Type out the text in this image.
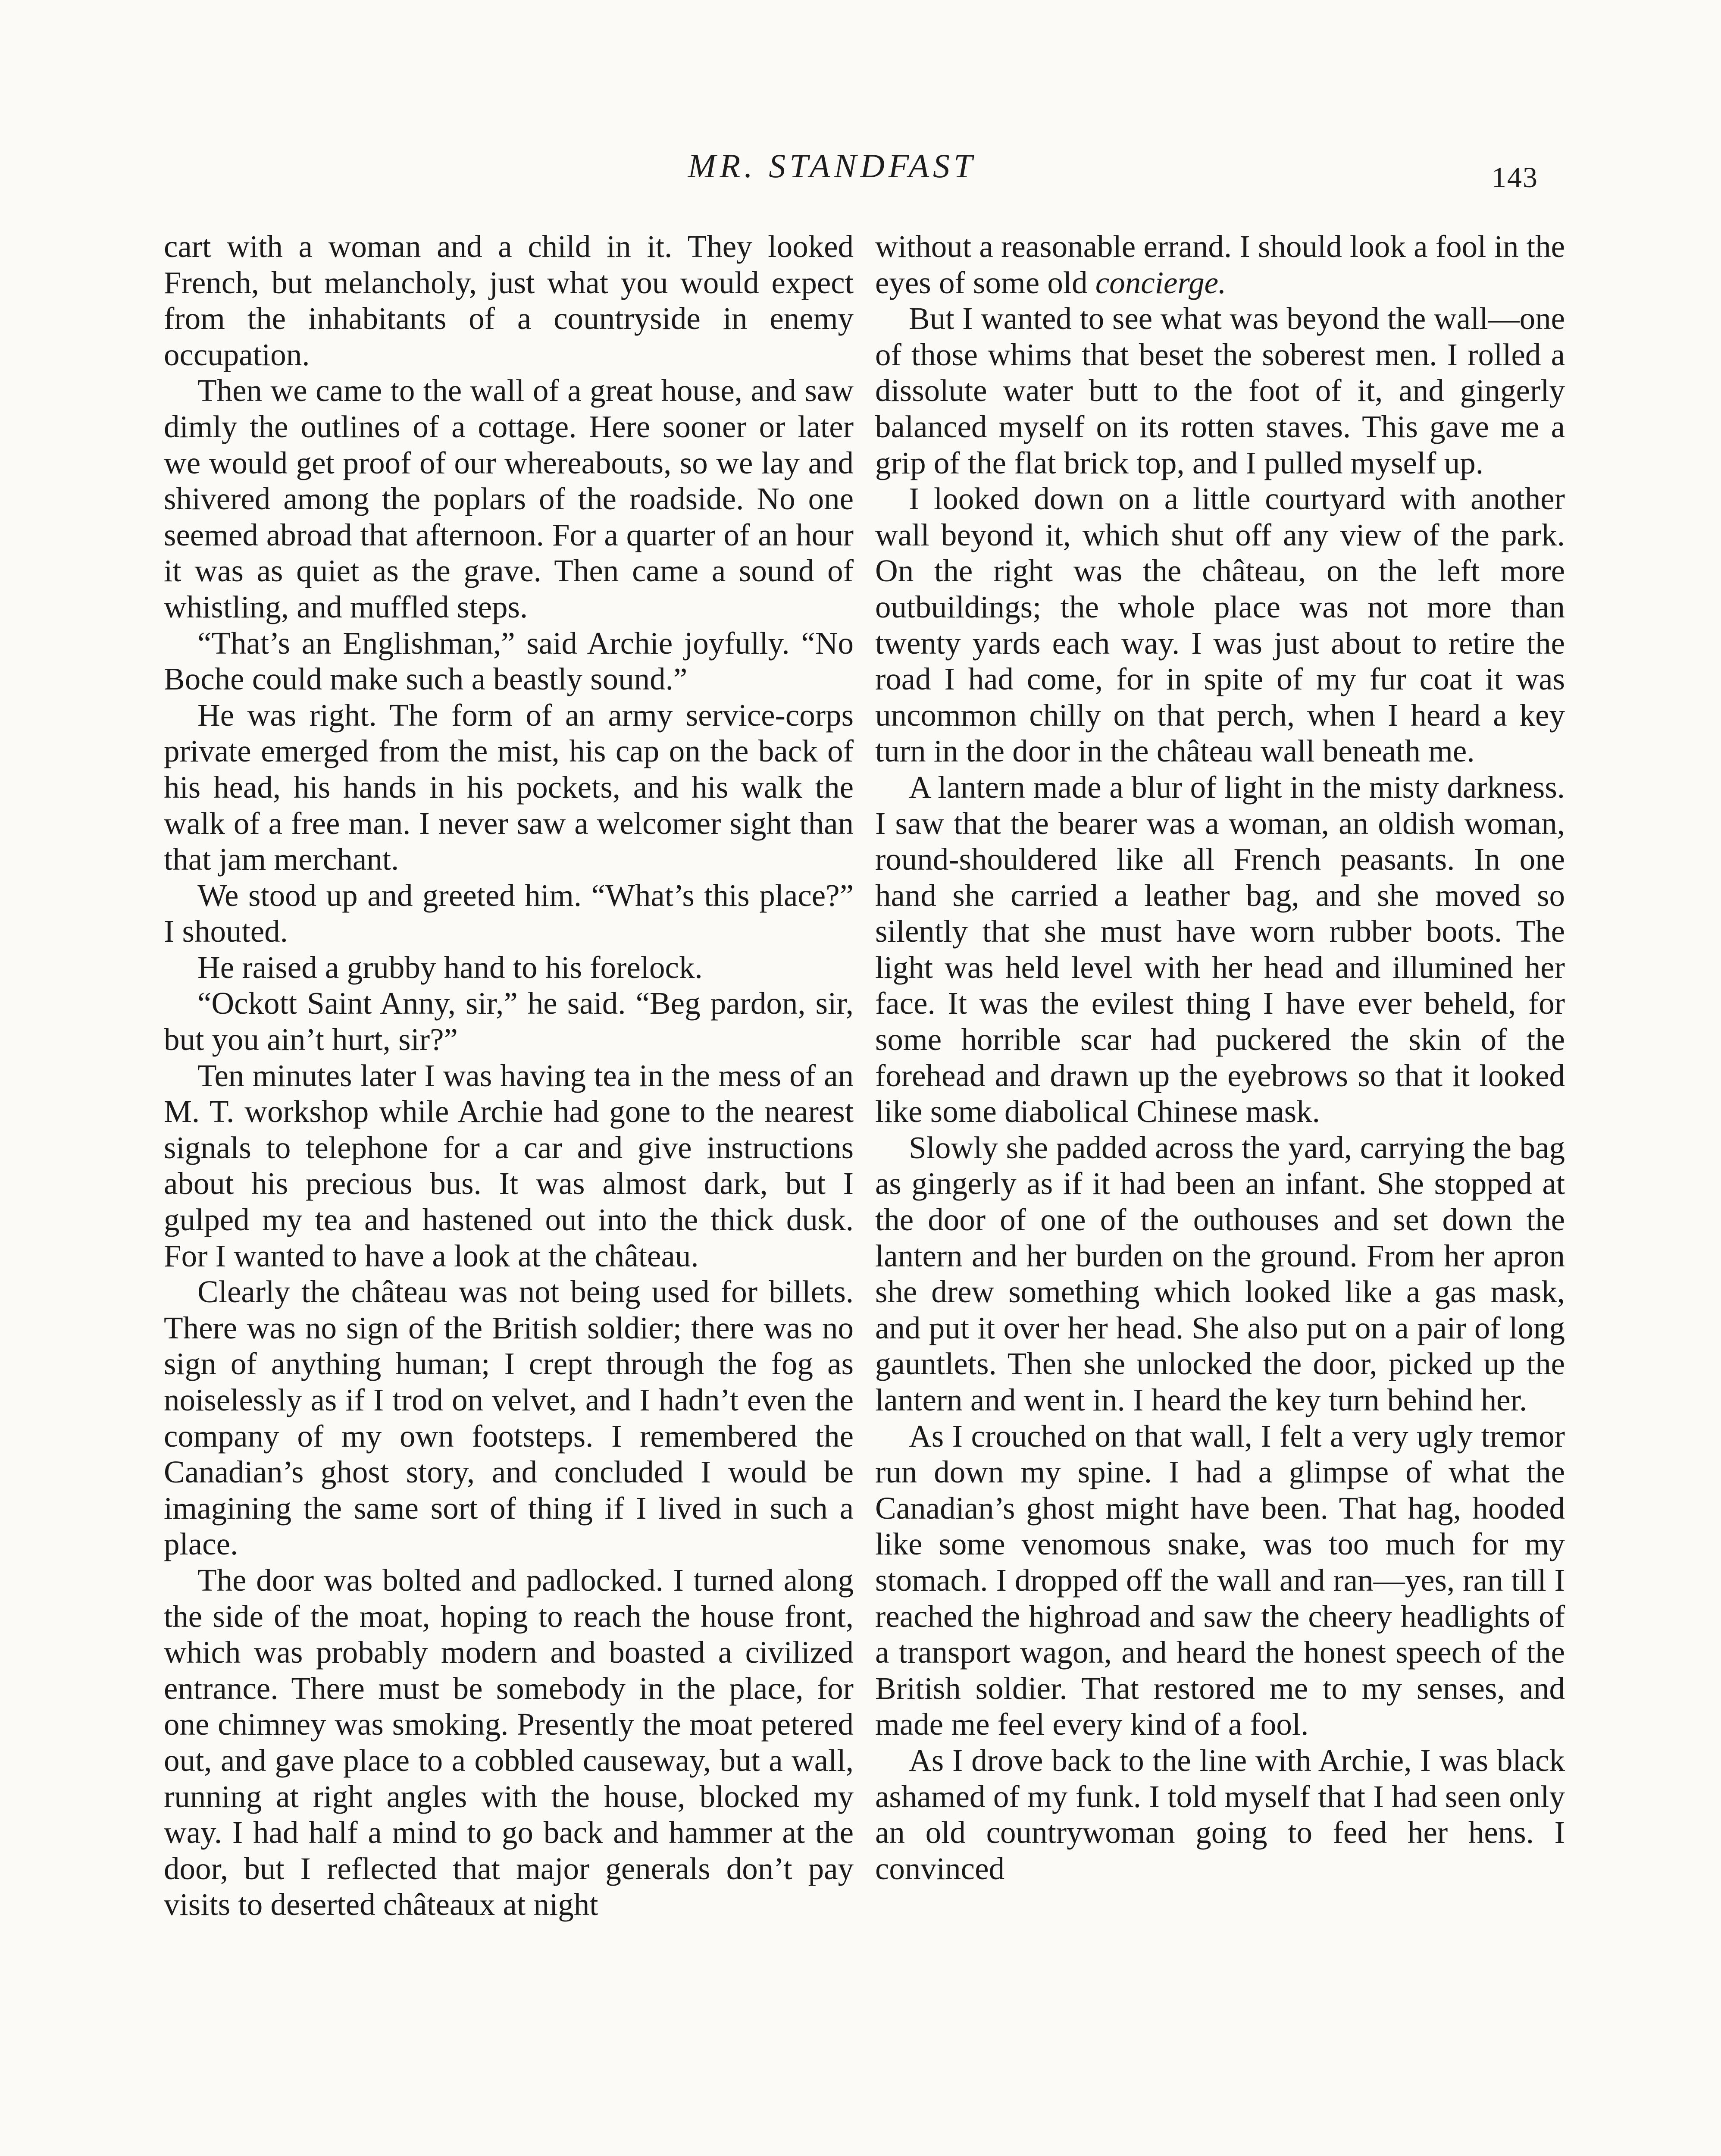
MR. STANDFAST	143

cart with a woman and a child in it. They looked French, but melancholy, just what you would expect from the inhabitants of a countryside in enemy occupation.

Then we came to the wall of a great house, and saw dimly the outlines of a cottage. Here sooner or later we would get proof of our whereabouts, so we lay and shivered among the poplars of the roadside. No one seemed abroad that afternoon. For a quarter of an hour it was as quiet as the grave. Then came a sound of whistling, and muffled steps.

“That’s an Englishman,” said Archie joyfully. “No Boche could make such a beastly sound.”

He was right. The form of an army service-corps private emerged from the mist, his cap on the back of his head, his hands in his pockets, and his walk the walk of a free man. I never saw a welcomer sight than that jam merchant.

We stood up and greeted him. “What’s this place?” I shouted.

He raised a grubby hand to his forelock.

“Ockott Saint Anny, sir,” he said. “Beg pardon, sir, but you ain’t hurt, sir?”

Ten minutes later I was having tea in the mess of an M. T. workshop while Archie had gone to the nearest signals to telephone for a car and give instructions about his precious bus. It was almost dark, but I gulped my tea and hastened out into the thick dusk. For I wanted to have a look at the château.

Clearly the château was not being used for billets. There was no sign of the British soldier; there was no sign of anything human; I crept through the fog as noiselessly as if I trod on velvet, and I hadn’t even the company of my own footsteps. I remembered the Canadian’s ghost story, and concluded I would be imagining the same sort of thing if I lived in such a place.

The door was bolted and padlocked. I turned along the side of the moat, hoping to reach the house front, which was probably modern and boasted a civilized entrance. There must be somebody in the place, for one chimney was smoking. Presently the moat petered out, and gave place to a cobbled causeway, but a wall, running at right angles with the house, blocked my way. I had half a mind to go back and hammer at the door, but I reflected that major generals don’t pay visits to deserted châteaux at night

without a reasonable errand. I should look a fool in the eyes of some old concierge.

But I wanted to see what was beyond the wall—one of those whims that beset the soberest men. I rolled a dissolute water butt to the foot of it, and gingerly balanced myself on its rotten staves. This gave me a grip of the flat brick top, and I pulled myself up.

I looked down on a little courtyard with another wall beyond it, which shut off any view of the park. On the right was the château, on the left more outbuildings; the whole place was not more than twenty yards each way. I was just about to retire the road I had come, for in spite of my fur coat it was uncommon chilly on that perch, when I heard a key turn in the door in the château wall beneath me.

A lantern made a blur of light in the misty darkness. I saw that the bearer was a woman, an oldish woman, round-shouldered like all French peasants. In one hand she carried a leather bag, and she moved so silently that she must have worn rubber boots. The light was held level with her head and illumined her face. It was the evilest thing I have ever beheld, for some horrible scar had puckered the skin of the forehead and drawn up the eyebrows so that it looked like some diabolical Chinese mask.

Slowly she padded across the yard, carrying the bag as gingerly as if it had been an infant. She stopped at the door of one of the outhouses and set down the lantern and her burden on the ground. From her apron she drew something which looked like a gas mask, and put it over her head. She also put on a pair of long gauntlets. Then she unlocked the door, picked up the lantern and went in. I heard the key turn behind her.

As I crouched on that wall, I felt a very ugly tremor run down my spine. I had a glimpse of what the Canadian’s ghost might have been. That hag, hooded like some venomous snake, was too much for my stomach. I dropped off the wall and ran—yes, ran till I reached the highroad and saw the cheery headlights of a transport wagon, and heard the honest speech of the British soldier. That restored me to my senses, and made me feel every kind of a fool.

As I drove back to the line with Archie, I was black ashamed of my funk. I told myself that I had seen only an old countrywoman going to feed her hens. I convinced
